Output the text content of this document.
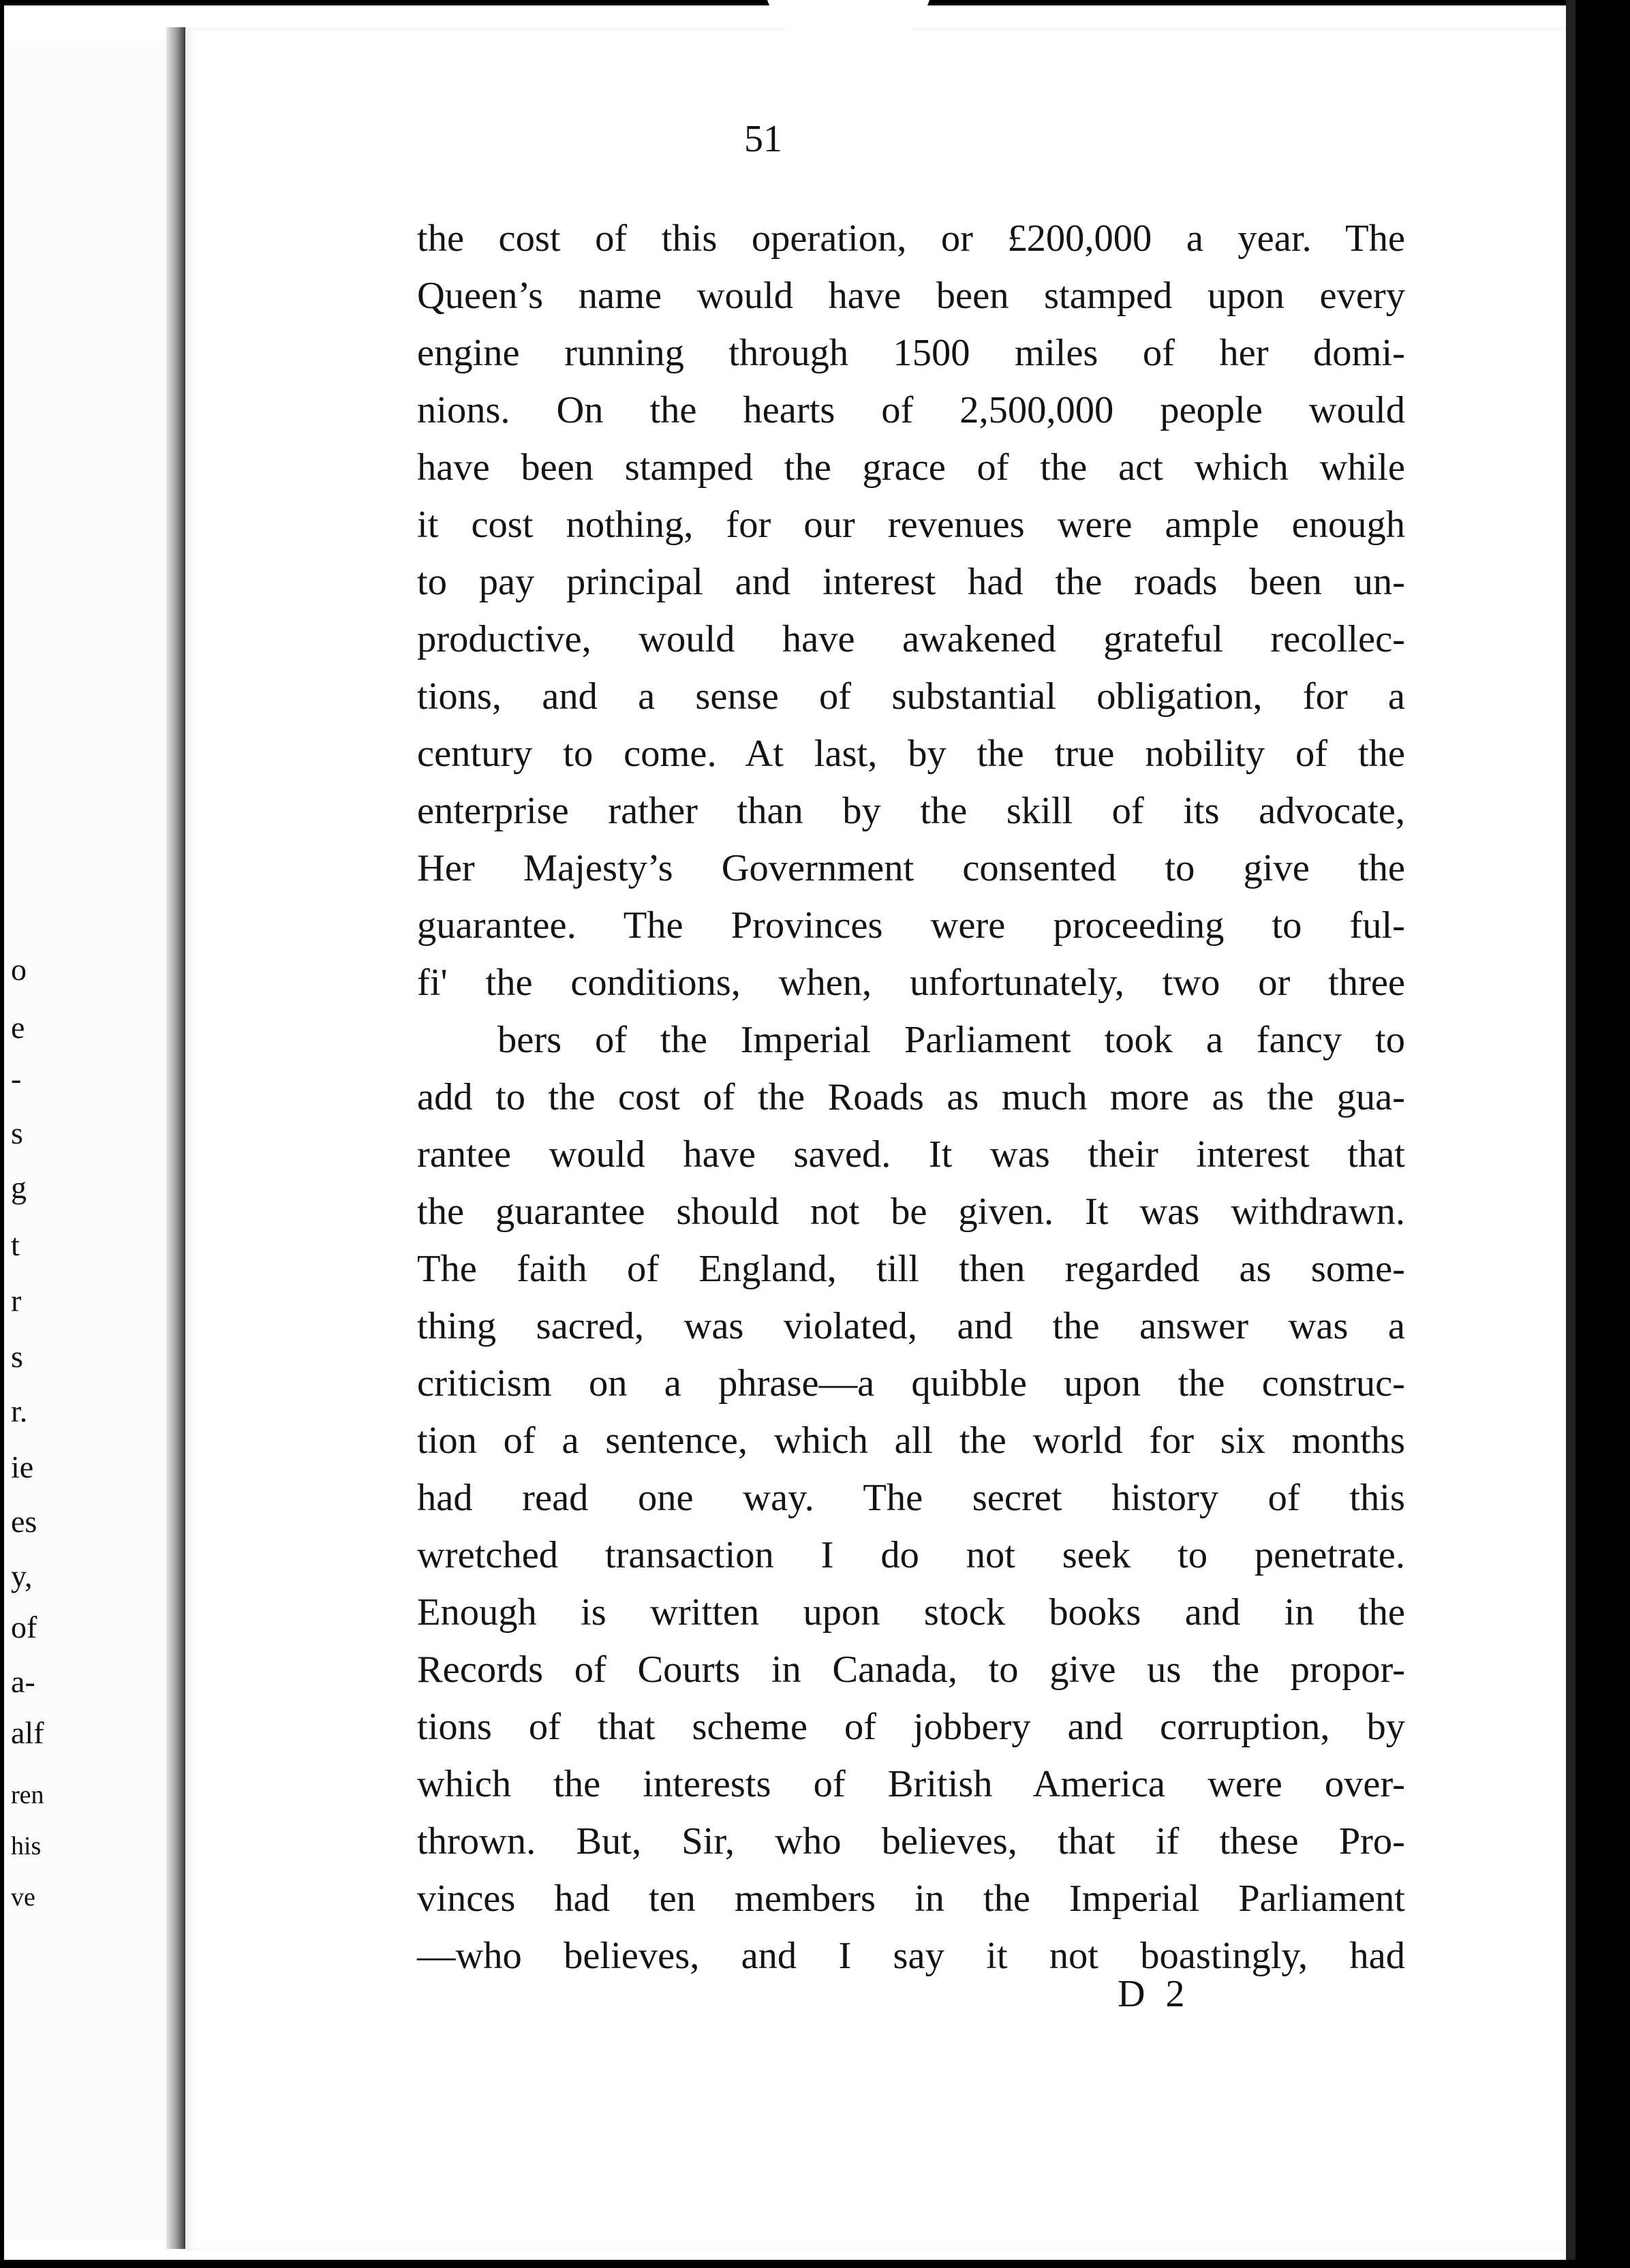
o
e
-
s
g
t
r
s
r.
ie
es
y,
of
a-
alf
ren
his
ve

51

the cost of this operation, or £200,000 a year. The
Queen’s name would have been stamped upon every
engine running through 1500 miles of her domi-
nions. On the hearts of 2,500,000 people would
have been stamped the grace of the act which while
it cost nothing, for our revenues were ample enough
to pay principal and interest had the roads been un-
productive, would have awakened grateful recollec-
tions, and a sense of substantial obligation, for a
century to come. At last, by the true nobility of the
enterprise rather than by the skill of its advocate,
Her Majesty’s Government consented to give the
guarantee. The Provinces were proceeding to ful-
fi' the conditions, when, unfortunately, two or three
bers of the Imperial Parliament took a fancy to
add to the cost of the Roads as much more as the gua-
rantee would have saved. It was their interest that
the guarantee should not be given. It was withdrawn.
The faith of England, till then regarded as some-
thing sacred, was violated, and the answer was a
criticism on a phrase—a quibble upon the construc-
tion of a sentence, which all the world for six months
had read one way. The secret history of this
wretched transaction I do not seek to penetrate.
Enough is written upon stock books and in the
Records of Courts in Canada, to give us the propor-
tions of that scheme of jobbery and corruption, by
which the interests of British America were over-
thrown. But, Sir, who believes, that if these Pro-
vinces had ten members in the Imperial Parliament
—who believes, and I say it not boastingly, had

D 2
